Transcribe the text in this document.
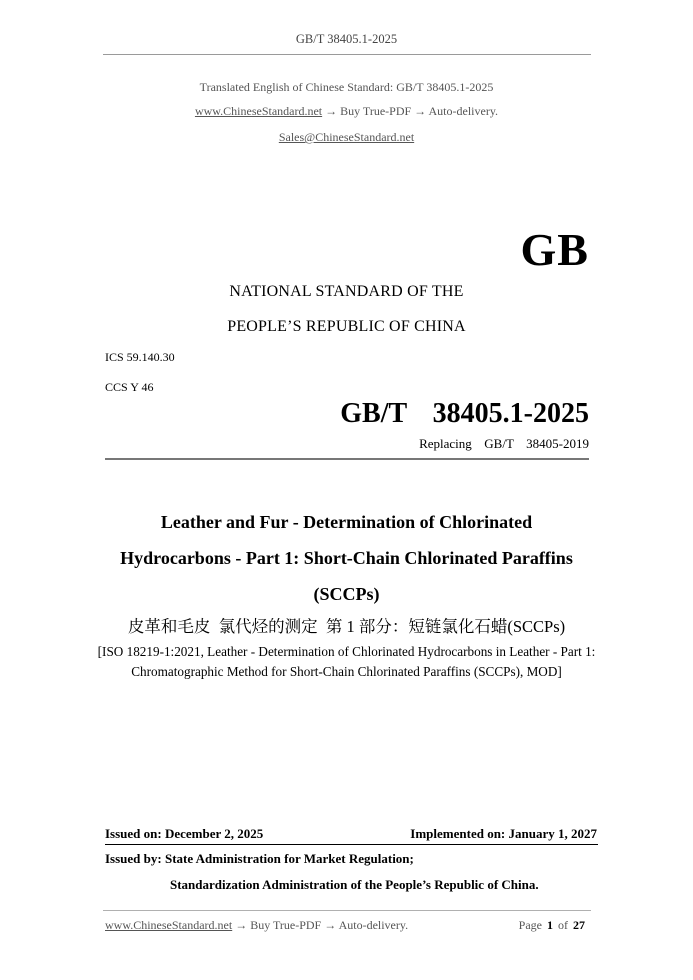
GB/T 38405.1-2025
Translated English of Chinese Standard: GB/T 38405.1-2025
www.ChineseStandard.net → Buy True-PDF → Auto-delivery.
Sales@ChineseStandard.net
GB
NATIONAL STANDARD OF THE
PEOPLE’S REPUBLIC OF CHINA
ICS 59.140.30
CCS Y 46
GB/T  38405.1-2025
Replacing  GB/T  38405-2019
Leather and Fur - Determination of Chlorinated
Hydrocarbons - Part 1: Short-Chain Chlorinated Paraffins
(SCCPs)
皮革和毛皮  氯代烃的测定  第 1 部分：短链氯化石蜡(SCCPs)
[ISO 18219-1:2021, Leather - Determination of Chlorinated Hydrocarbons in Leather - Part 1: Chromatographic Method for Short-Chain Chlorinated Paraffins (SCCPs), MOD]
Issued on: December 2, 2025	Implemented on: January 1, 2027
Issued by: State Administration for Market Regulation;
Standardization Administration of the People’s Republic of China.
www.ChineseStandard.net → Buy True-PDF → Auto-delivery.	Page 1 of 27
